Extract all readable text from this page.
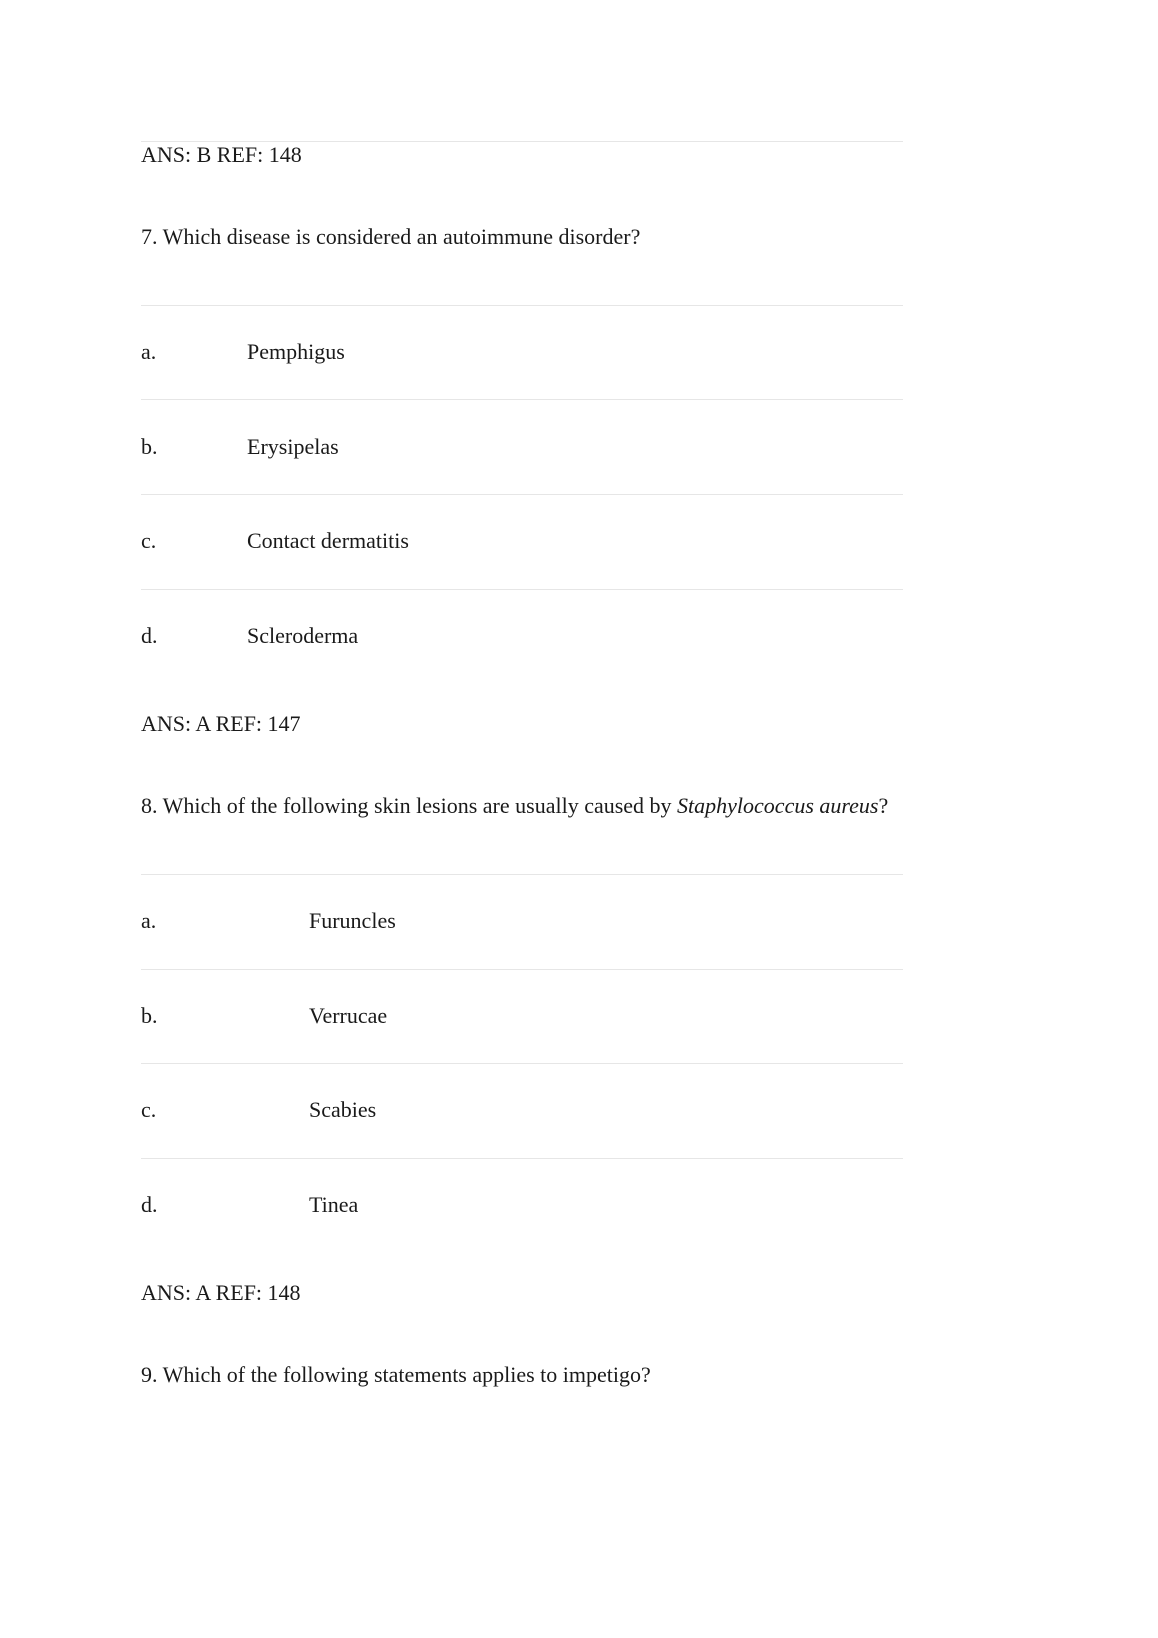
ANS: B REF: 148
7. Which disease is considered an autoimmune disorder?
a.	Pemphigus
b.	Erysipelas
c.	Contact dermatitis
d.	Scleroderma
ANS: A REF: 147
8. Which of the following skin lesions are usually caused by Staphylococcus aureus?
a.	Furuncles
b.	Verrucae
c.	Scabies
d.	Tinea
ANS: A REF: 148
9. Which of the following statements applies to impetigo?
